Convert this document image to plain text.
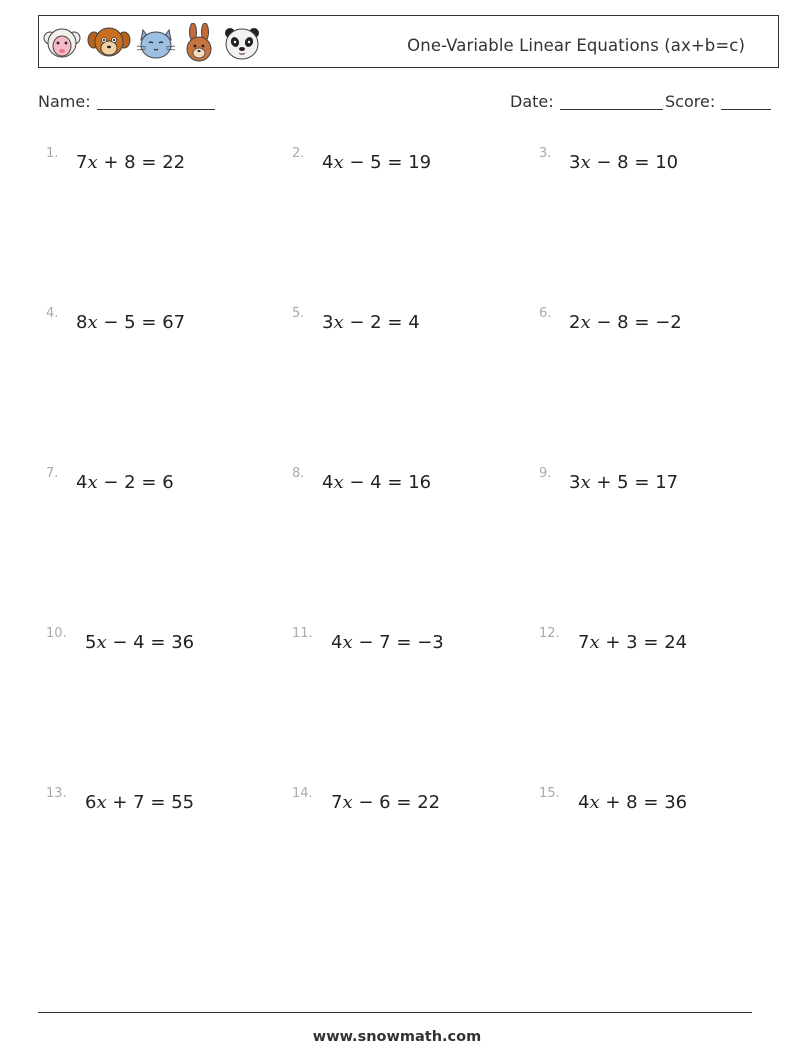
One-Variable Linear Equations (ax+b=c)
Name:	Date:	Score:
1. 7x + 8 = 22	2. 4x − 5 = 19	3. 3x − 8 = 10
4. 8x − 5 = 67	5. 3x − 2 = 4	6. 2x − 8 = −2
7. 4x − 2 = 6	8. 4x − 4 = 16	9. 3x + 5 = 17
10. 5x − 4 = 36	11. 4x − 7 = −3	12. 7x + 3 = 24
13. 6x + 7 = 55	14. 7x − 6 = 22	15. 4x + 8 = 36
www.snowmath.com
